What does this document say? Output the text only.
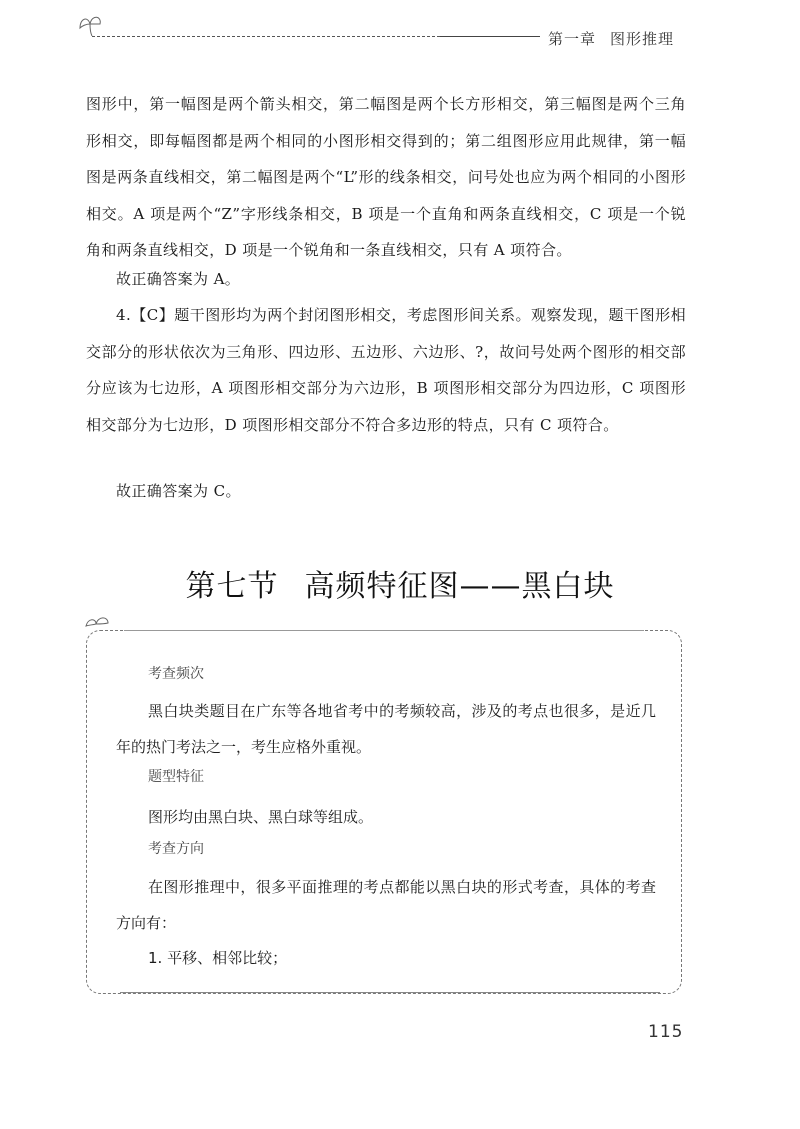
第一章 图形推理

图形中，第一幅图是两个箭头相交，第二幅图是两个长方形相交，第三幅图是两个三角形相交，即每幅图都是两个相同的小图形相交得到的；第二组图形应用此规律，第一幅图是两条直线相交，第二幅图是两个“L”形的线条相交，问号处也应为两个相同的小图形相交。A 项是两个“Z”字形线条相交，B 项是一个直角和两条直线相交，C 项是一个锐角和两条直线相交，D 项是一个锐角和一条直线相交，只有 A 项符合。

故正确答案为 A。

4.【C】题干图形均为两个封闭图形相交，考虑图形间关系。观察发现，题干图形相交部分的形状依次为三角形、四边形、五边形、六边形、?，故问号处两个图形的相交部分应该为七边形，A 项图形相交部分为六边形，B 项图形相交部分为四边形，C 项图形相交部分为七边形，D 项图形相交部分不符合多边形的特点，只有 C 项符合。

故正确答案为 C。

第七节 高频特征图——黑白块

考查频次

黑白块类题目在广东等各地省考中的考频较高，涉及的考点也很多，是近几年的热门考法之一，考生应格外重视。

题型特征

图形均由黑白块、黑白球等组成。

考查方向

在图形推理中，很多平面推理的考点都能以黑白块的形式考查，具体的考查方向有：

1. 平移、相邻比较；

115
